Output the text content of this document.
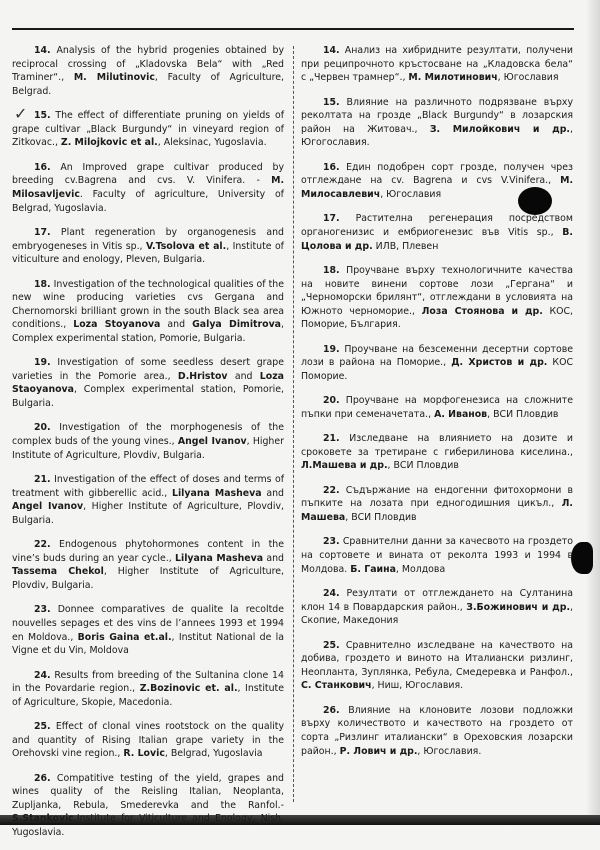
✓

14. Analysis of the hybrid progenies obtained by reciprocal crossing of „Kladovska Bela“ with „Red Traminer“., M. Milutinovic, Faculty of Agriculture, Belgrad.

15. The effect of differentiate pruning on yields of grape cultivar „Black Burgundy“ in vineyard region of Zitkovac., Z. Milojkovic et al., Aleksinac, Yugoslavia.

16. An Improved grape cultivar produced by breeding cv.Bagrena and cvs. V. Vinifera. - M. Milosavljevic. Faculty of agriculture, University of Belgrad, Yugoslavia.

17. Plant regeneration by organogenesis and embryogeneses in Vitis sp., V.Tsolova et al., Institute of viticulture and enology, Pleven, Bulgaria.

18. Investigation of the technological qualities of the new wine producing varieties cvs Gergana and Chernomorski brilliant grown in the south Black sea area conditions., Loza Stoyanova and Galya Dimitrova, Complex experimental station, Pomorie, Bulgaria.

19. Investigation of some seedless desert grape varieties in the Pomorie area., D.Hristov and Loza Staoyanova, Complex experimental station, Pomorie, Bulgaria.

20. Investigation of the morphogenesis of the complex buds of the young vines., Angel Ivanov, Higher Institute of Agriculture, Plovdiv, Bulgaria.

21. Investigation of the effect of doses and terms of treatment with gibberellic acid., Lilyana Masheva and Angel Ivanov, Higher Institute of Agriculture, Plovdiv, Bulgaria.

22. Endogenous phytohormones content in the vine’s buds during an year cycle., Lilyana Masheva and Tassema Chekol, Higher Institute of Agriculture, Plovdiv, Bulgaria.

23. Donnee comparatives de qualite la recoltde nouvelles sepages et des vins de l’annees 1993 et 1994 en Moldova., Boris Gaina et.al., Institut National de la Vigne et du Vin, Moldova

24. Results from breeding of the Sultanina clone 14 in the Povardarie region., Z.Bozinovic et. al., Institute of Agriculture, Skopie, Macedonia.

25. Effect of clonal vines rootstock on the quality and quantity of Rising Italian grape variety in the Orehovski vine region., R. Lovic, Belgrad, Yugoslavia

26. Compatitive testing of the yield, grapes and wines quality of the Reisling Italian, Neoplanta, Zupljanka, Rebula, Smederevka and the Ranfol.- S.Stankovic,Institute for Viticulture and Enology, Nish, Yugoslavia.

14. Анализ на хибридните резултати, получени при реципрочното кръстосване на „Кладовска бела“ с „Червен трамнер“., М. Милотинович, Югославия

15. Влияние на различното подрязване върху реколтата на грозде „Black Burgundy“ в лозарския район на Житовач., З. Милойкович и др., Югогославия.

16. Един подобрен сорт грозде, получен чрез отглеждане на cv. Bagrena и cvs V.Vinifera., М. Милосавлевич, Югославия

17. Растителна регенерация посредством органогенизис и ембриогенезис във Vitis sp., В. Цолова и др. ИЛВ, Плевен

18. Проучване върху технологичните качества на новите винени сортове лози „Гергана“ и „Черноморски брилянт“, отглеждани в условията на Южното черноморие., Лоза Стоянова и др. КОС, Поморие, България.

19. Проучване на безсеменни десертни сортове лози в района на Поморие., Д. Христов и др. КОС Поморие.

20. Проучване на морфогенезиса на сложните пъпки при семеначетата., А. Иванов, ВСИ Пловдив

21. Изследване на влиянието на дозите и сроковете за третиране с гиберилинова киселина., Л.Машева и др., ВСИ Пловдив

22. Съдържание на ендогенни фитохормони в пъпките на лозата при едногодишния цикъл., Л. Машева, ВСИ Пловдив

23. Сравнителни данни за качесвото на гроздето на сортовете и вината от реколта 1993 и 1994 в Молдова. Б. Гаина, Молдова

24. Резултати от отглеждането на Султанина клон 14 в Повардарския район., З.Божинович и др., Скопие, Македония

25. Сравнително изследване на качеството на добива, гроздето и виното на Италиански ризлинг, Неопланта, Зуплянка, Ребула, Смедеревка и Ранфол., С. Станкович, Ниш, Югославия.

26. Влияние на клоновите лозови подложки върху количеството и качеството на гроздето от сорта „Ризлинг италиански“ в Ореховския лозарски район., Р. Лович и др., Югославия.
